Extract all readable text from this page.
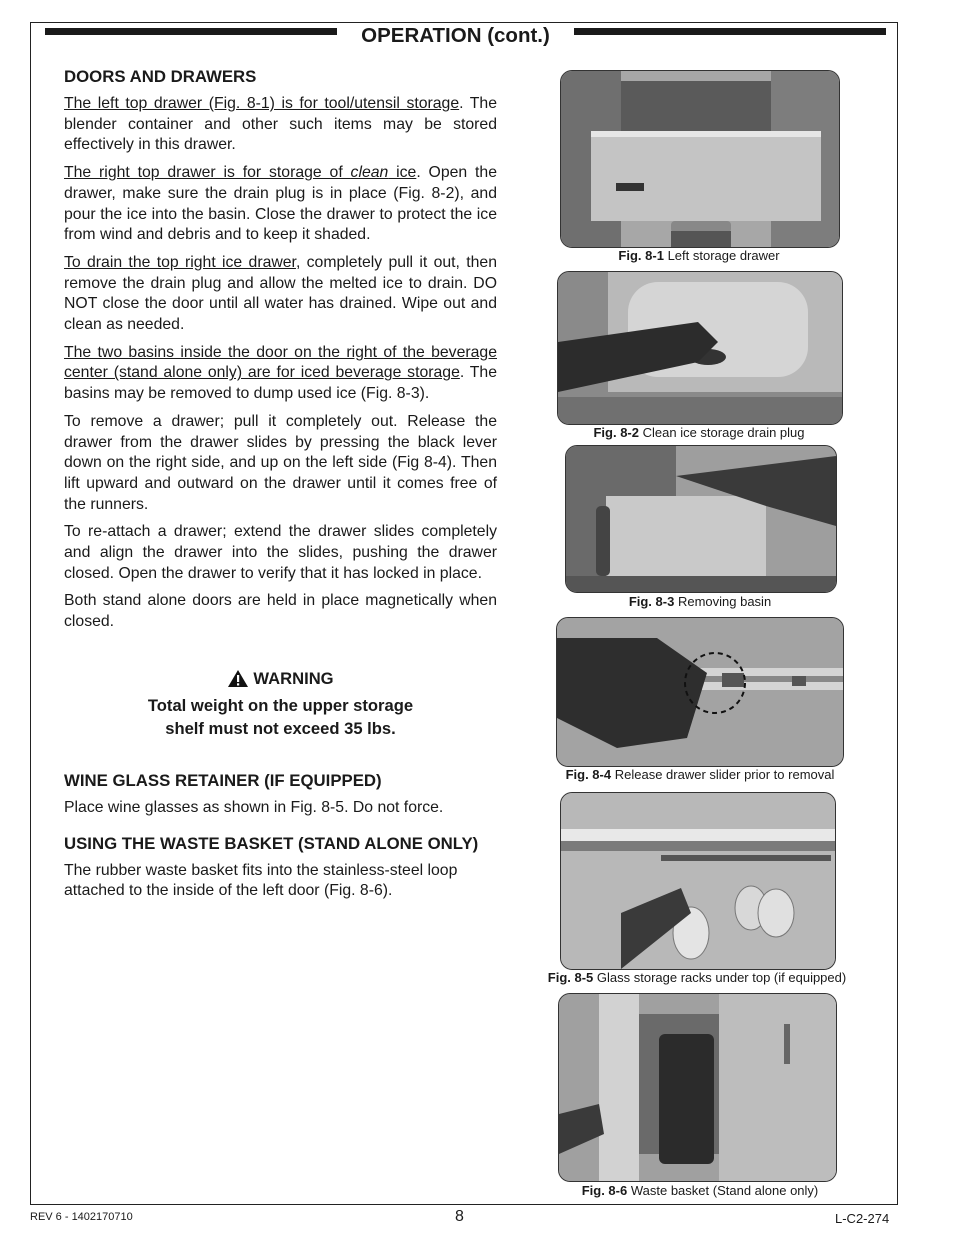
OPERATION (cont.)
DOORS AND DRAWERS

The left top drawer (Fig. 8-1) is for tool/utensil storage. The blender container and other such items may be stored effectively in this drawer.

The right top drawer is for storage of clean ice. Open the drawer, make sure the drain plug is in place (Fig. 8-2), and pour the ice into the basin. Close the drawer to protect the ice from wind and debris and to keep it shaded.

To drain the top right ice drawer, completely pull it out, then remove the drain plug and allow the melted ice to drain. DO NOT close the door until all water has drained. Wipe out and clean as needed.

The two basins inside the door on the right of the beverage center (stand alone only) are for iced beverage storage. The basins may be removed to dump used ice (Fig. 8-3).

To remove a drawer; pull it completely out. Release the drawer from the drawer slides by pressing the black lever down on the right side, and up on the left side (Fig 8-4). Then lift upward and outward on the drawer until it comes free of the runners.

To re-attach a drawer; extend the drawer slides completely and align the drawer into the slides, pushing the drawer closed. Open the drawer to verify that it has locked in place.

Both stand alone doors are held in place magnetically when closed.

WARNING
Total weight on the upper storage
shelf must not exceed 35 lbs.
WINE GLASS RETAINER (IF EQUIPPED)

Place wine glasses as shown in Fig. 8-5. Do not force.

USING THE WASTE BASKET (STAND ALONE ONLY)

The rubber waste basket fits into the stainless-steel loop attached to the inside of the left door (Fig. 8-6).

Fig. 8-1 Left storage drawer
Fig. 8-2 Clean ice storage drain plug
Fig. 8-3 Removing basin
Fig. 8-4 Release drawer slider prior to removal
Fig. 8-5 Glass storage racks under top (if equipped)
Fig. 8-6 Waste basket (Stand alone only)
REV 6 - 1402170710	8	L-C2-274
